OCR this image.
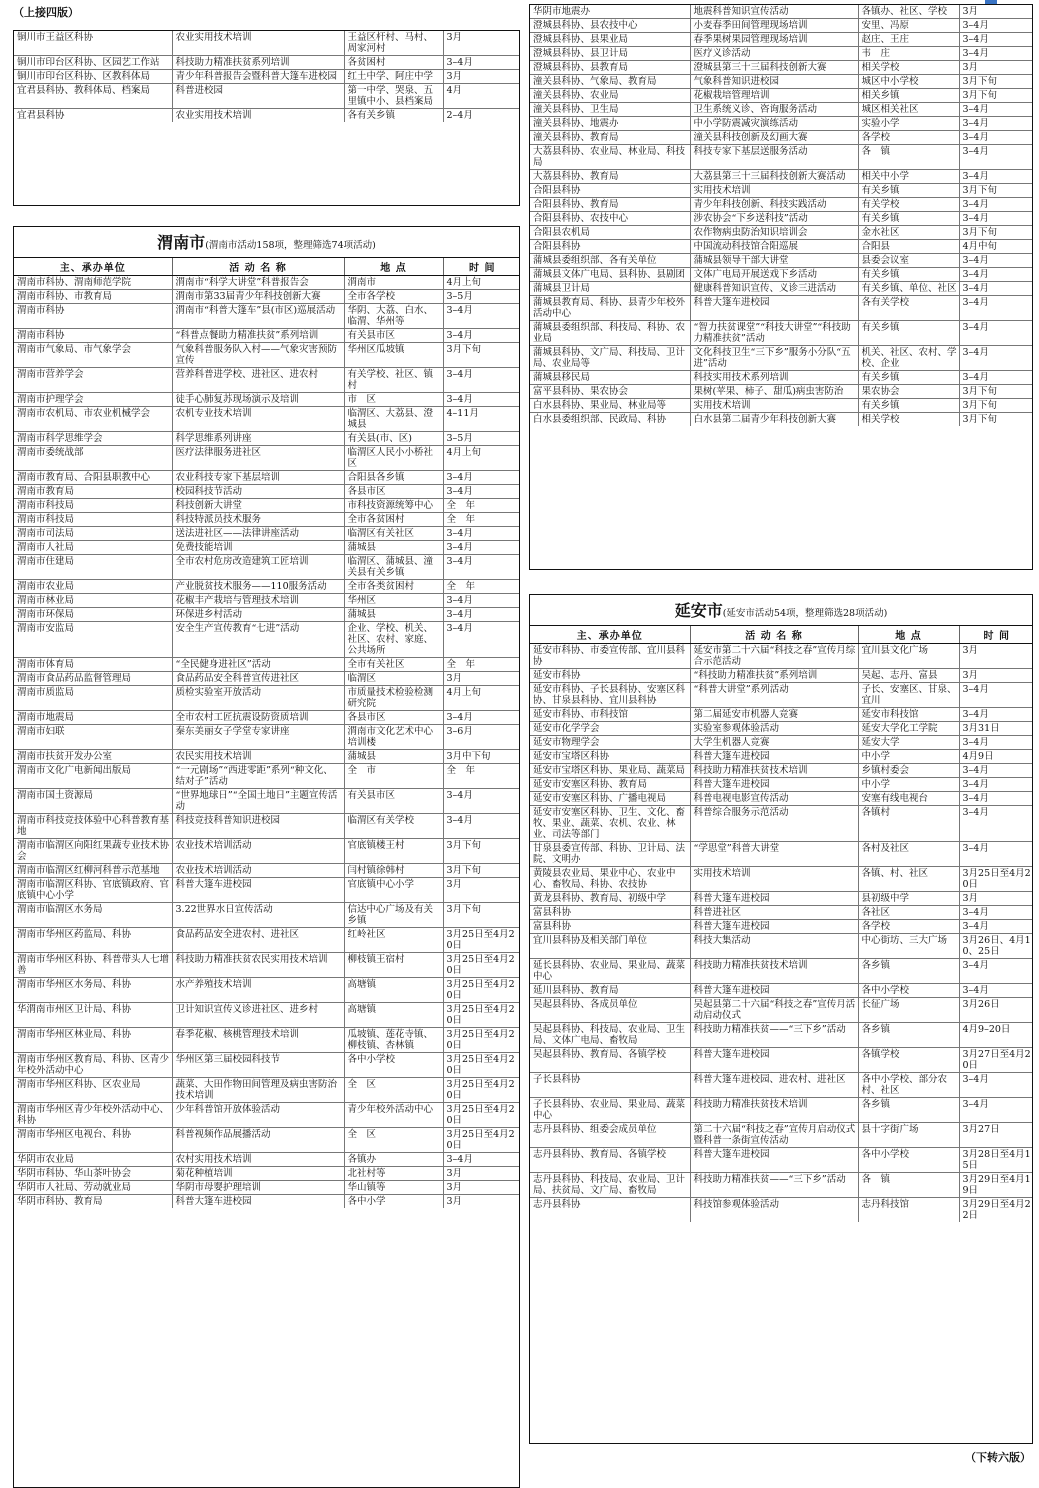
（上接四版）
铜川市王益区科协	农业实用技术培训	王益区杆村、马村、周家河村	3月
铜川市印台区科协、区园艺工作站	科技助力精准扶贫系列培训	各贫困村	3–4月
铜川市印台区科协、区教科体局	青少年科普报告会暨科普大篷车进校园	红土中学、阿庄中学	3月
宜君县科协、教科体局、档案局	科普进校园	第一中学、哭泉、五里镇中小、县档案局	4月
宜君县科协	农业实用技术培训	各有关乡镇	2–4月
渭南市(渭南市活动158项，整理筛选74项活动)
主、承办单位	活 动 名 称	地 点	时 间
渭南市科协、渭南师范学院	渭南市“科学大讲堂”科普报告会	渭南市	4月上旬
渭南市科协、市教育局	渭南市第33届青少年科技创新大赛	全市各学校	3–5月
渭南市科协	渭南市“科普大篷车”县(市区)巡展活动	华阴、大荔、白水、临渭、华州等	3–4月
渭南市科协	“科普点餐助力精准扶贫”系列培训	有关县市区	3–4月
渭南市气象局、市气象学会	气象科普服务队入村——气象灾害预防宣传	华州区瓜坡镇	3月下旬
渭南市营养学会	营养科普进学校、进社区、进农村	有关学校、社区、镇村	3–4月
渭南市护理学会	徒手心肺复苏现场演示及培训	市　区	3–4月
渭南市农机局、市农业机械学会	农机专业技术培训	临渭区、大荔县、澄城县	4–11月
渭南市科学思维学会	科学思维系列讲座	有关县(市、区)	3–5月
渭南市委统战部	医疗法律服务进社区	临渭区人民小小桥社区	4月上旬
渭南市教育局、合阳县职教中心	农业科技专家下基层培训	合阳县各乡镇	3–4月
渭南市教育局	校园科技节活动	各县市区	3–4月
渭南市科技局	科技创新大讲堂	市科技资源统筹中心	全　年
渭南市科技局	科技特派员技术服务	全市各贫困村	全　年
渭南市司法局	送法进社区——法律讲座活动	临渭区有关社区	3–4月
渭南市人社局	免费技能培训	蒲城县	3–4月
渭南市住建局	全市农村危房改造建筑工匠培训	临渭区、蒲城县、潼关县有关乡镇	3–4月
渭南市农业局	产业脱贫技术服务——110服务活动	全市各类贫困村	全　年
渭南市林业局	花椒丰产栽培与管理技术培训	华州区	3–4月
渭南市环保局	环保进乡村活动	蒲城县	3–4月
渭南市安监局	安全生产宣传教育“七进”活动	企业、学校、机关、社区、农村、家庭、公共场所	3–4月
渭南市体育局	“全民健身进社区”活动	全市有关社区	全　年
渭南市食品药品监督管理局	食品药品安全科普宣传进社区	临渭区	3月
渭南市质监局	质检实验室开放活动	市质量技术检验检测研究院	4月上旬
渭南市地震局	全市农村工匠抗震设防资质培训	各县市区	3–4月
渭南市妇联	秦东美丽女子学堂专家讲座	渭南市文化艺术中心培训楼	3–6月
渭南市扶贫开发办公室	农民实用技术培训	蒲城县	3月中下旬
渭南市文化广电新闻出版局	“一元剧场”“西进零距”系列“种文化、结对子”活动	全　市	全　年
渭南市国土资源局	“世界地球日”“全国土地日”主题宣传活动	有关县市区	3–4月
渭南市科技竞技体验中心科普教育基地	科技竞技科普知识进校园	临渭区有关学校	3–4月
渭南市临渭区向阳红果蔬专业技术协会	农业技术培训活动	官底镇楼王村	3月下旬
渭南市临渭区红柳河科普示范基地	农业技术培训活动	闫村镇徐韩村	3月下旬
渭南市临渭区科协、官底镇政府、官底镇中心小学	科普大篷车进校园	官底镇中心小学	3月
渭南市临渭区水务局	3.22世界水日宣传活动	信达中心广场及有关乡镇	3月下旬
渭南市华州区药监局、科协	食品药品安全进农村、进社区	红岭社区	3月25日至4月20日
渭南市华州区科协、科普带头人七增善	科技助力精准扶贫农民实用技术培训	柳枝镇王宿村	3月25日至4月20日
渭南市华州区水务局、科协	水产养殖技术培训	高塘镇	3月25日至4月20日
华渭南市州区卫计局、科协	卫计知识宣传义诊进社区、进乡村	高塘镇	3月25日至4月20日
渭南市华州区林业局、科协	春季花椒、核桃管理技术培训	瓜坡镇、莲花寺镇、柳枝镇、杏林镇	3月25日至4月20日
渭南市华州区教育局、科协、区青少年校外活动中心	华州区第三届校园科技节	各中小学校	3月25日至4月20日
渭南市华州区科协、区农业局	蔬菜、大田作物田间管理及病虫害防治技术培训	全　区	3月25日至4月20日
渭南市华州区青少年校外活动中心、科协	少年科普馆开放体验活动	青少年校外活动中心	3月25日至4月20日
渭南市华州区电视台、科协	科普视频作品展播活动	全　区	3月25日至4月20日
华阴市农业局	农村实用技术培训	各镇办	3–4月
华阴市科协、华山茶叶协会	菊花种植培训	北社村等	3月
华阴市人社局、劳动就业局	华阴市母婴护理培训	华山镇等	3月
华阴市科协、教育局	科普大篷车进校园	各中小学	3月
华阴市地震办	地震科普知识宣传活动	各镇办、社区、学校	3月
澄城县科协、县农技中心	小麦春季田间管理现场培训	安里、冯原	3–4月
澄城县科协、县果业局	春季果树果园管理现场培训	赵庄、王庄	3–4月
澄城县科协、县卫计局	医疗义诊活动	韦　庄	3–4月
澄城县科协、县教育局	澄城县第三十三届科技创新大赛	相关学校	3月
潼关县科协、气象局、教育局	气象科普知识进校园	城区中小学校	3月下旬
潼关县科协、农业局	花椒栽培管理培训	相关乡镇	3月下旬
潼关县科协、卫生局	卫生系统义诊、咨询服务活动	城区相关社区	3–4月
潼关县科协、地震办	中小学防震减灾演练活动	实验小学	3–4月
潼关县科协、教育局	潼关县科技创新及幻画大赛	各学校	3–4月
大荔县科协、农业局、林业局、科技局	科技专家下基层送服务活动	各　镇	3–4月
大荔县科协、教育局	大荔县第三十三届科技创新大赛活动	相关中小学	3–4月
合阳县科协	实用技术培训	有关乡镇	3月下旬
合阳县科协、教育局	青少年科技创新、科技实践活动	有关学校	3–4月
合阳县科协、农技中心	涉农协会“下乡送科技”活动	有关乡镇	3–4月
合阳县农机局	农作物病虫防治知识培训会	金水社区	3月下旬
合阳县科协	中国流动科技馆合阳巡展	合阳县	4月中旬
蒲城县委组织部、各有关单位	蒲城县领导干部大讲堂	县委会议室	3–4月
蒲城县文体广电局、县科协、县剧团	文体广电局开展送戏下乡活动	有关乡镇	3–4月
蒲城县卫计局	健康科普知识宣传、义诊三进活动	有关乡镇、单位、社区	3–4月
蒲城县教育局、科协、县青少年校外活动中心	科普大篷车进校园	各有关学校	3–4月
蒲城县委组织部、科技局、科协、农业局	“智力扶贫课堂”“科技大讲堂”“科技助力精准扶贫”活动	有关乡镇	3–4月
蒲城县科协、文广局、科技局、卫计局、农业局等	文化科技卫生“三下乡”服务小分队“五进”活动	机关、社区、农村、学校、企业	3–4月
蒲城县移民局	科技实用技术系列培训	有关乡镇	3–4月
富平县科协、果农协会	果树(苹果、柿子、甜瓜)病虫害防治	果农协会	3月下旬
白水县科协、果业局、林业局等	实用技术培训	有关乡镇	3月下旬
白水县委组织部、民政局、科协	白水县第二届青少年科技创新大赛	相关学校	3月下旬
延安市(延安市活动54项，整理筛选28项活动)
主、承办单位	活 动 名 称	地 点	时 间
延安市科协、市委宣传部、宜川县科协	延安市第二十六届“科技之春”宣传月综合示范活动	宜川县文化广场	3月
延安市科协	“科技助力精准扶贫”系列培训	吴起、志丹、富县	3月
延安市科协、子长县科协、安塞区科协、甘泉县科协、宜川县科协	“科普大讲堂”系列活动	子长、安塞区、甘泉、宜川	3–4月
延安市科协、市科技馆	第二届延安市机器人竞赛	延安市科技馆	3–4月
延安市化学学会	实验室参观体验活动	延安大学化工学院	3月31日
延安市物理学会	大学生机器人竞赛	延安大学	3–4月
延安市宝塔区科协	科普大篷车进校园	中小学	4月9日
延安市宝塔区科协、果业局、蔬菜局	科技助力精准扶贫技术培训	乡镇村委会	3–4月
延安市安塞区科协、教育局	科普大篷车进校园	中小学	3–4月
延安市安塞区科协、广播电视局	科普电视电影宣传活动	安塞有线电视台	3–4月
延安市安塞区科协、卫生、文化、畜牧、果业、蔬菜、农机、农业、林业、司法等部门	科普综合服务示范活动	各镇村	3–4月
甘泉县委宣传部、科协、卫计局、法院、文明办	“学思堂”科普大讲堂	各村及社区	3–4月
黄陵县农业局、果业中心、农业中心、畜牧局、科协、农技协	实用技术培训	各镇、村、社区	3月25日至4月20日
黄龙县科协、教育局、初级中学	科普大篷车进校园	县初级中学	3月
富县科协	科普进社区	各社区	3–4月
富县科协	科普大篷车进校园	各学校	3–4月
宜川县科协及相关部门单位	科技大集活动	中心街坊、三大广场	3月26日、4月10、25日
延长县科协、农业局、果业局、蔬菜中心	科技助力精准扶贫技术培训	各乡镇	3–4月
延川县科协、教育局	科普大篷车进校园	各中小学校	3–4月
吴起县科协、各成员单位	吴起县第二十六届“科技之春”宣传月活动启动仪式	长征广场	3月26日
吴起县科协、科技局、农业局、卫生局、文体广电局、畜牧局	科技助力精准扶贫——“三下乡”活动	各乡镇	4月9–20日
吴起县科协、教育局、各镇学校	科普大篷车进校园	各镇学校	3月27日至4月20日
子长县科协	科普大篷车进校园、进农村、进社区	各中小学校、部分农村、社区	3–4月
子长县科协、农业局、果业局、蔬菜中心	科技助力精准扶贫技术培训	各乡镇	3–4月
志丹县科协、组委会成员单位	第二十六届“科技之春”宣传月启动仪式暨科普一条街宣传活动	县十字街广场	3月27日
志丹县科协、教育局、各镇学校	科普大篷车进校园	各中小学校	3月28日至4月15日
志丹县科协、科技局、农业局、卫计局、扶贫局、文广局、畜牧局	科技助力精准扶贫——“三下乡”活动	各　镇	3月29日至4月19日
志丹县科协	科技馆参观体验活动	志丹科技馆	3月29日至4月22日
（下转六版）
